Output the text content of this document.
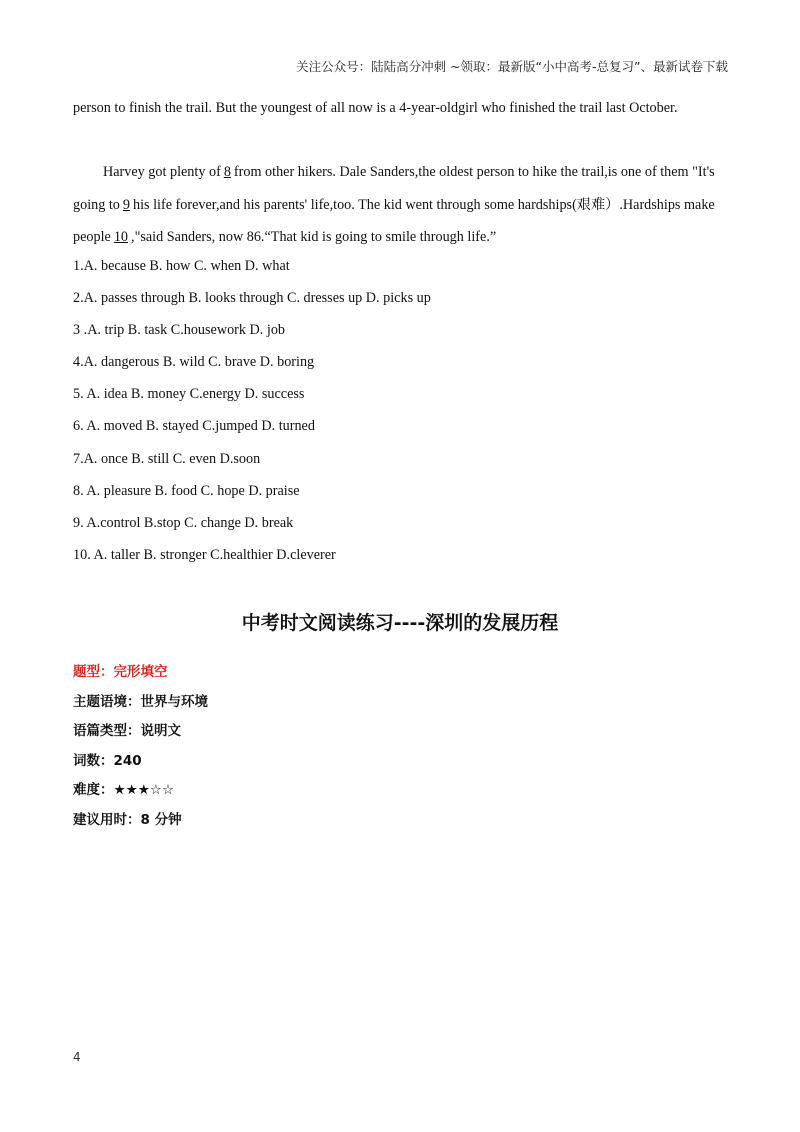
关注公众号：陆陆高分冲刺 ~领取：最新版“小中高考-总复习”、最新试卷下载
person to finish the trail. But the youngest of all now is a 4-year-oldgirl who finished the trail last October.
Harvey got plenty of 8 from other hikers. Dale Sanders,the oldest person to hike the trail,is one of them "It's going to 9 his life forever,and his parents' life,too. The kid went through some hardships(艰难）.Hardships make people 10 ,"said Sanders, now 86.“That kid is going to smile through life.”
1.A. because B. how C. when D. what
2.A. passes through B. looks through C. dresses up D. picks up
3 .A. trip B. task C.housework D. job
4.A. dangerous B. wild C. brave D. boring
5. A. idea B. money C.energy D. success
6. A. moved B. stayed C.jumped D. turned
7.A. once B. still C. even D.soon
8. A. pleasure B. food C. hope D. praise
9. A.control B.stop C. change D. break
10. A. taller B. stronger C.healthier D.cleverer
中考时文阅读练习----深圳的发展历程
题型：完形填空
主题语境：世界与环境
语篇类型：说明文
词数：240
难度：★★★☆☆
建议用时：8 分钟
4
